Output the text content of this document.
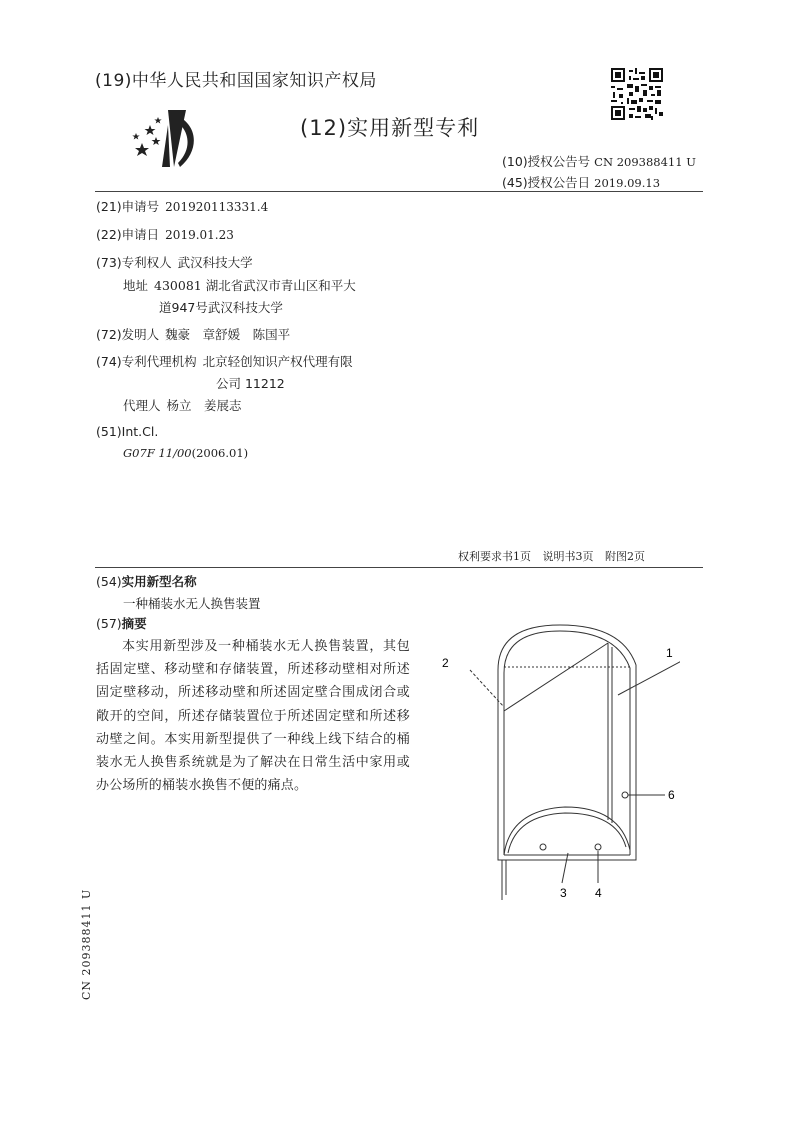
(19)中华人民共和国国家知识产权局
(12)实用新型专利
(10)授权公告号 CN 209388411 U
(45)授权公告日 2019.09.13
(21)申请号 201920113331.4
(22)申请日 2019.01.23
(73)专利权人 武汉科技大学
地址 430081 湖北省武汉市青山区和平大
道947号武汉科技大学
(72)发明人 魏豪　章舒媛　陈国平
(74)专利代理机构 北京轻创知识产权代理有限
公司 11212
代理人 杨立　姜展志
(51)Int.Cl.
G07F 11/00(2006.01)
权利要求书1页 说明书3页 附图2页
(54)实用新型名称
一种桶装水无人换售装置
(57)摘要
本实用新型涉及一种桶装水无人换售装置，其包括固定壁、移动壁和存储装置，所述移动壁相对所述固定壁移动，所述移动壁和所述固定壁合围成闭合或敞开的空间，所述存储装置位于所述固定壁和所述移动壁之间。本实用新型提供了一种线上线下结合的桶装水无人换售系统就是为了解决在日常生活中家用或办公场所的桶装水换售不便的痛点。
2
1
6
3 4
CN 209388411 U
